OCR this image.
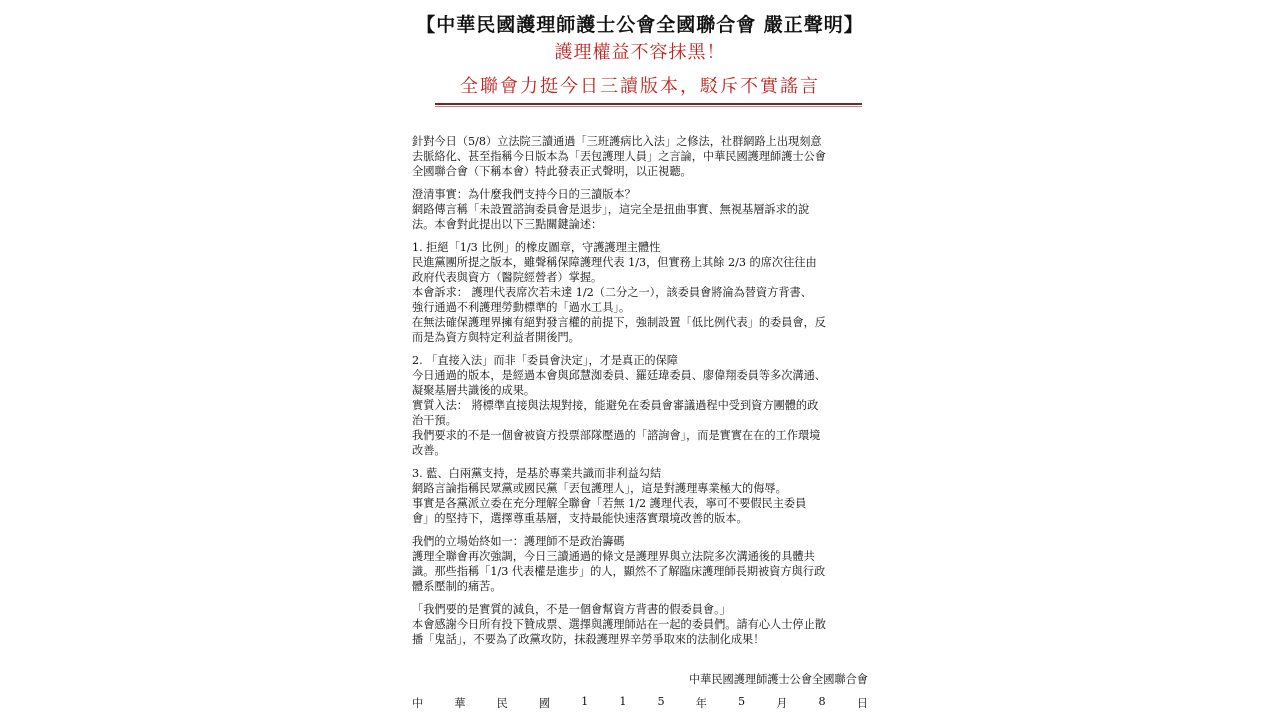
【中華民國護理師護士公會全國聯合會 嚴正聲明】
護理權益不容抹黑！
全聯會力挺今日三讀版本，駁斥不實謠言

針對今日（5/8）立法院三讀通過「三班護病比入法」之修法，社群網路上出現刻意

去脈絡化、甚至指稱今日版本為「丟包護理人員」之言論，中華民國護理師護士公會

全國聯合會（下稱本會）特此發表正式聲明，以正視聽。

澄清事實：為什麼我們支持今日的三讀版本？

網路傳言稱「未設置諮詢委員會是退步」，這完全是扭曲事實、無視基層訴求的說

法。本會對此提出以下三點關鍵論述：

1. 拒絕「1/3 比例」的橡皮圖章，守護護理主體性

民進黨團所提之版本，雖聲稱保障護理代表 1/3，但實務上其餘 2/3 的席次往往由

政府代表與資方（醫院經營者）掌握。

本會訴求： 護理代表席次若未達 1/2（二分之一），該委員會將淪為替資方背書、

強行通過不利護理勞動標準的「過水工具」。

在無法確保護理界擁有絕對發言權的前提下，強制設置「低比例代表」的委員會，反

而是為資方與特定利益者開後門。

2. 「直接入法」而非「委員會決定」，才是真正的保障

今日通過的版本，是經過本會與邱慧洳委員、羅廷瑋委員、廖偉翔委員等多次溝通、

凝聚基層共識後的成果。

實質入法： 將標準直接與法規對接，能避免在委員會審議過程中受到資方團體的政

治干預。

我們要求的不是一個會被資方投票部隊壓過的「諮詢會」，而是實實在在的工作環境

改善。

3. 藍、白兩黨支持，是基於專業共識而非利益勾結

網路言論指稱民眾黨或國民黨「丟包護理人」，這是對護理專業極大的侮辱。

事實是各黨派立委在充分理解全聯會「若無 1/2 護理代表，寧可不要假民主委員

會」的堅持下，選擇尊重基層，支持最能快速落實環境改善的版本。

我們的立場始終如一：護理師不是政治籌碼

護理全聯會再次強調，今日三讀通過的條文是護理界與立法院多次溝通後的具體共

識。那些指稱「1/3 代表權是進步」的人，顯然不了解臨床護理師長期被資方與行政

體系壓制的痛苦。

「我們要的是實質的減負，不是一個會幫資方背書的假委員會。」

本會感謝今日所有投下贊成票、選擇與護理師站在一起的委員們。請有心人士停止散

播「鬼話」，不要為了政黨攻防，抹殺護理界辛勞爭取來的法制化成果！

中華民國護理師護士公會全國聯合會
中	華	民	國	1	1	5	年	5	月	8	日
